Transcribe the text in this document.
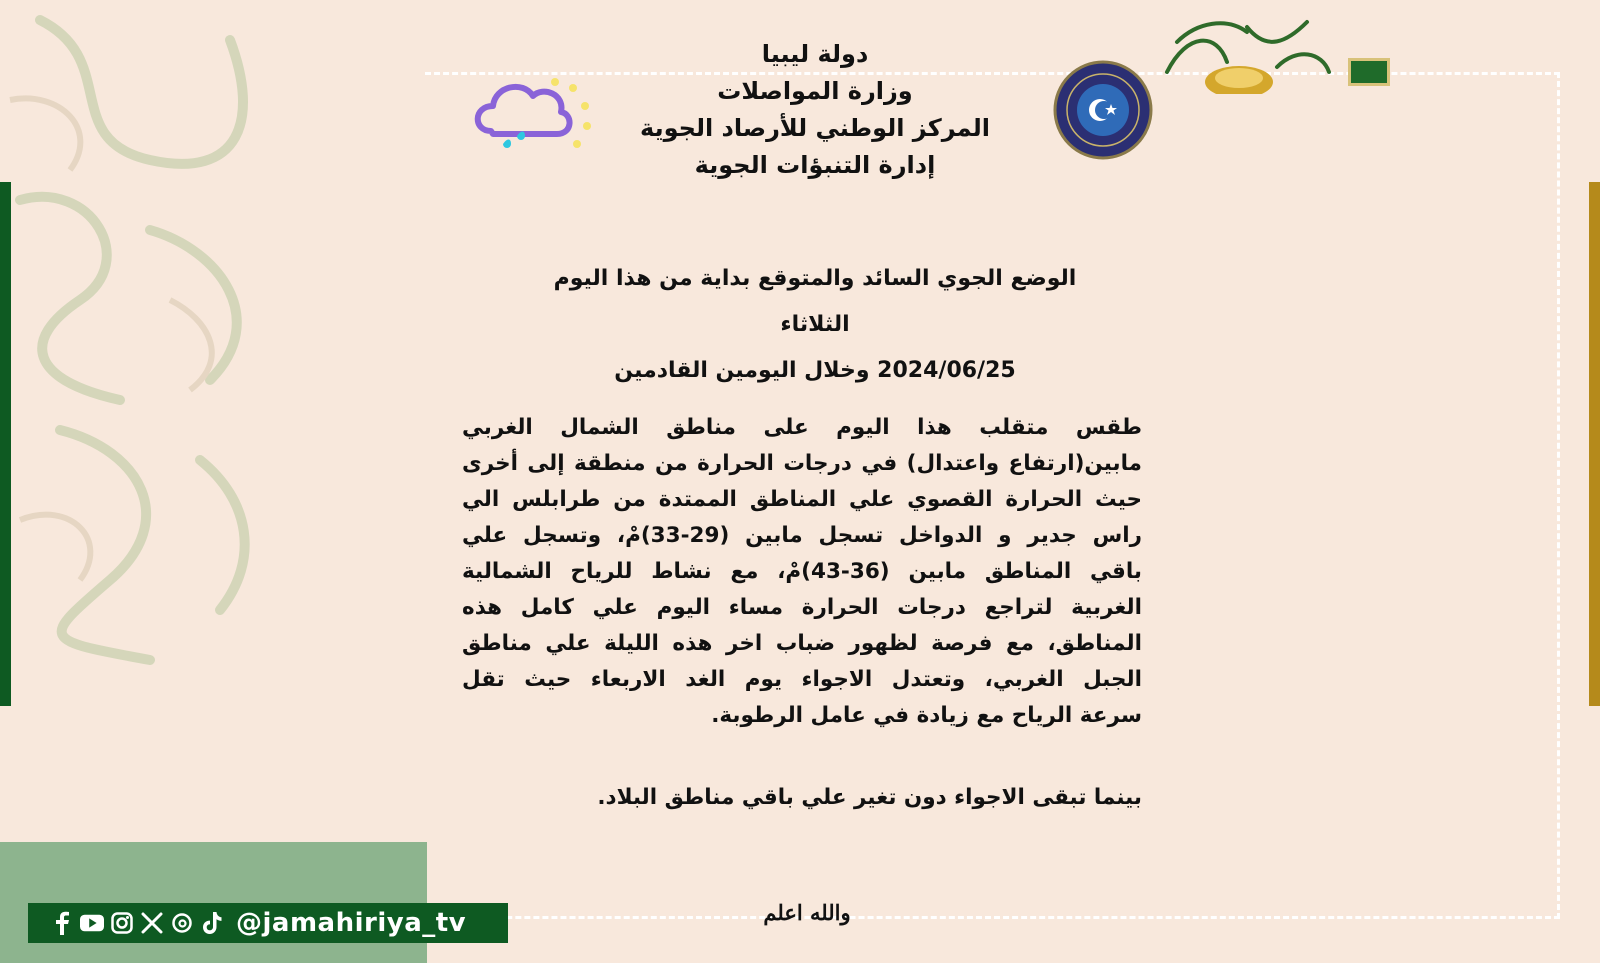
دولة ليبيا
وزارة المواصلات
المركز الوطني للأرصاد الجوية
إدارة التنبؤات الجوية
الوضع الجوي السائد والمتوقع بداية من هذا اليوم الثلاثاء
2024/06/25 وخلال اليومين القادمين
طقس متقلب هذا اليوم على مناطق الشمال الغربي
مابين(ارتفاع واعتدال) في درجات الحرارة من منطقة إلى أخرى
حيث الحرارة القصوي علي المناطق الممتدة من طرابلس الي
راس جدير و الدواخل تسجل مابين (29-33)مْ، وتسجل علي
باقي المناطق مابين (36-43)مْ، مع نشاط للرياح الشمالية
الغربية لتراجع درجات الحرارة مساء اليوم علي كامل هذه
المناطق، مع فرصة لظهور ضباب اخر هذه الليلة علي مناطق
الجبل الغربي، وتعتدل الاجواء يوم الغد الاربعاء حيث تقل
سرعة الرياح مع زيادة في عامل الرطوبة.
بينما تبقى الاجواء دون تغير علي باقي مناطق البلاد.
والله اعلم
@jamahiriya_tv
